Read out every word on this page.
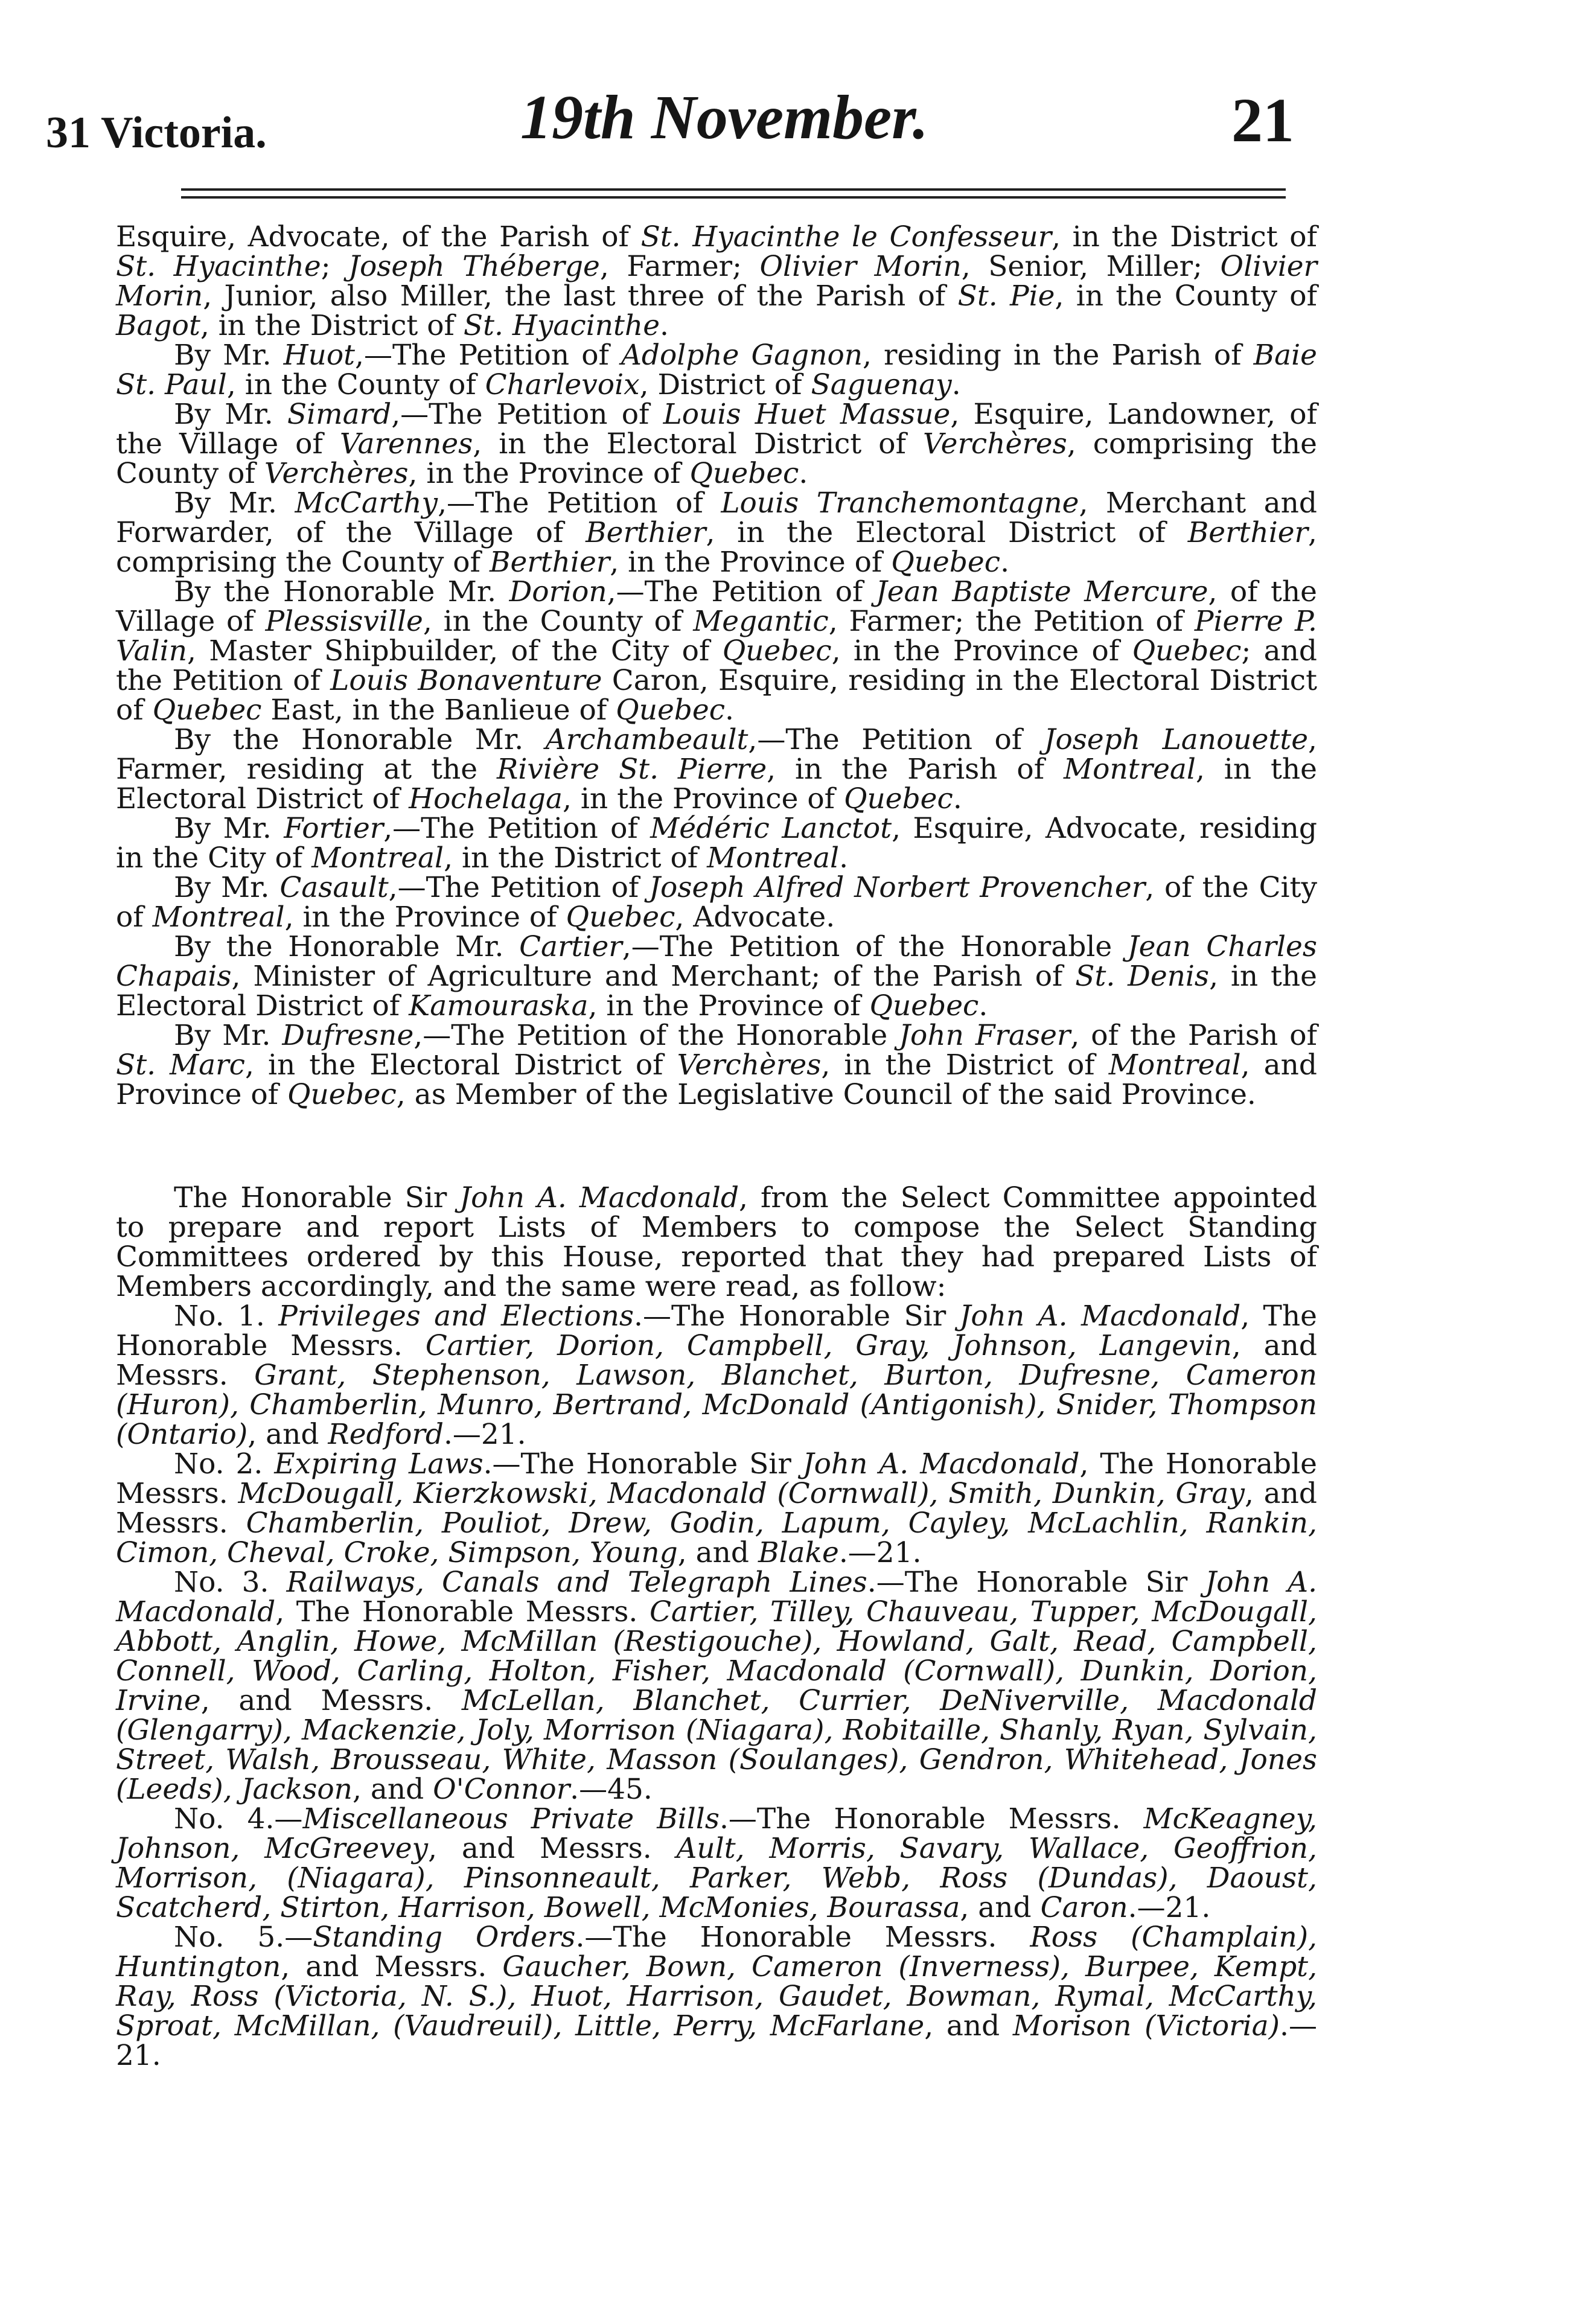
31 Victoria.	19th November.	21

Esquire, Advocate, of the Parish of St. Hyacinthe le Confesseur, in the District of St. Hyacinthe; Joseph Théberge, Farmer; Olivier Morin, Senior, Miller; Olivier Morin, Junior, also Miller, the last three of the Parish of St. Pie, in the County of Bagot, in the District of St. Hyacinthe.

By Mr. Huot,—The Petition of Adolphe Gagnon, residing in the Parish of Baie St. Paul, in the County of Charlevoix, District of Saguenay.

By Mr. Simard,—The Petition of Louis Huet Massue, Esquire, Landowner, of the Village of Varennes, in the Electoral District of Verchères, comprising the County of Verchères, in the Province of Quebec.

By Mr. McCarthy,—The Petition of Louis Tranchemontagne, Merchant and Forwarder, of the Village of Berthier, in the Electoral District of Berthier, comprising the County of Berthier, in the Province of Quebec.

By the Honorable Mr. Dorion,—The Petition of Jean Baptiste Mercure, of the Village of Plessisville, in the County of Megantic, Farmer; the Petition of Pierre P. Valin, Master Shipbuilder, of the City of Quebec, in the Province of Quebec; and the Petition of Louis Bonaventure Caron, Esquire, residing in the Electoral District of Quebec East, in the Banlieue of Quebec.

By the Honorable Mr. Archambeault,—The Petition of Joseph Lanouette, Farmer, residing at the Rivière St. Pierre, in the Parish of Montreal, in the Electoral District of Hochelaga, in the Province of Quebec.

By Mr. Fortier,—The Petition of Médéric Lanctot, Esquire, Advocate, residing in the City of Montreal, in the District of Montreal.

By Mr. Casault,—The Petition of Joseph Alfred Norbert Provencher, of the City of Montreal, in the Province of Quebec, Advocate.

By the Honorable Mr. Cartier,—The Petition of the Honorable Jean Charles Chapais, Minister of Agriculture and Merchant; of the Parish of St. Denis, in the Electoral District of Kamouraska, in the Province of Quebec.

By Mr. Dufresne,—The Petition of the Honorable John Fraser, of the Parish of St. Marc, in the Electoral District of Verchères, in the District of Montreal, and Province of Quebec, as Member of the Legislative Council of the said Province.

The Honorable Sir John A. Macdonald, from the Select Committee appointed to prepare and report Lists of Members to compose the Select Standing Committees ordered by this House, reported that they had prepared Lists of Members accordingly, and the same were read, as follow:

No. 1. Privileges and Elections.—The Honorable Sir John A. Macdonald, The Honorable Messrs. Cartier, Dorion, Campbell, Gray, Johnson, Langevin, and Messrs. Grant, Stephenson, Lawson, Blanchet, Burton, Dufresne, Cameron (Huron), Chamberlin, Munro, Bertrand, McDonald (Antigonish), Snider, Thompson (Ontario), and Redford.—21.

No. 2. Expiring Laws.—The Honorable Sir John A. Macdonald, The Honorable Messrs. McDougall, Kierzkowski, Macdonald (Cornwall), Smith, Dunkin, Gray, and Messrs. Chamberlin, Pouliot, Drew, Godin, Lapum, Cayley, McLachlin, Rankin, Cimon, Cheval, Croke, Simpson, Young, and Blake.—21.

No. 3. Railways, Canals and Telegraph Lines.—The Honorable Sir John A. Macdonald, The Honorable Messrs. Cartier, Tilley, Chauveau, Tupper, McDougall, Abbott, Anglin, Howe, McMillan (Restigouche), Howland, Galt, Read, Campbell, Connell, Wood, Carling, Holton, Fisher, Macdonald (Cornwall), Dunkin, Dorion, Irvine, and Messrs. McLellan, Blanchet, Currier, DeNiverville, Macdonald (Glengarry), Mackenzie, Joly, Morrison (Niagara), Robitaille, Shanly, Ryan, Sylvain, Street, Walsh, Brousseau, White, Masson (Soulanges), Gendron, Whitehead, Jones (Leeds), Jackson, and O'Connor.—45.

No. 4.—Miscellaneous Private Bills.—The Honorable Messrs. McKeagney, Johnson, McGreevey, and Messrs. Ault, Morris, Savary, Wallace, Geoffrion, Morrison, (Niagara), Pinsonneault, Parker, Webb, Ross (Dundas), Daoust, Scatcherd, Stirton, Harrison, Bowell, McMonies, Bourassa, and Caron.—21.

No. 5.—Standing Orders.—The Honorable Messrs. Ross (Champlain), Huntington, and Messrs. Gaucher, Bown, Cameron (Inverness), Burpee, Kempt, Ray, Ross (Victoria, N. S.), Huot, Harrison, Gaudet, Bowman, Rymal, McCarthy, Sproat, McMillan, (Vaudreuil), Little, Perry, McFarlane, and Morison (Victoria).—21.
